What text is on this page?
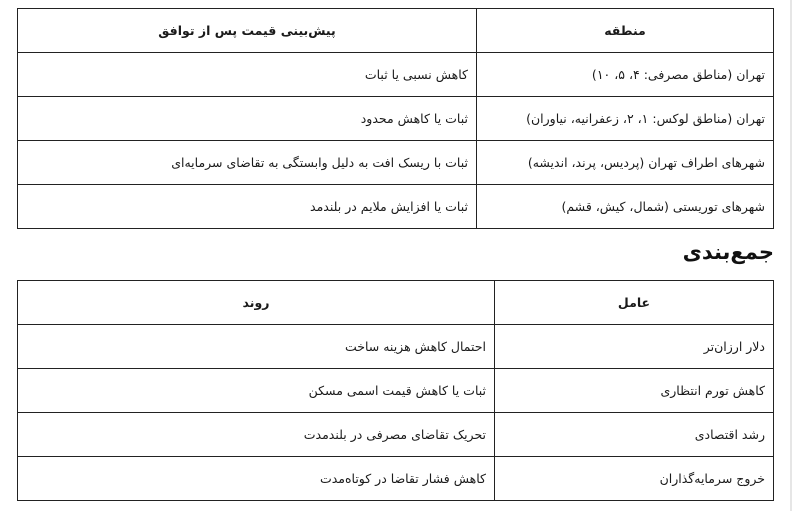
منطقه	پیش‌بینی قیمت پس از توافق
تهران (مناطق مصرفی: ۴، ۵، ۱۰)	کاهش نسبی یا ثبات
تهران (مناطق لوکس: ۱، ۲، زعفرانیه، نیاوران)	ثبات یا کاهش محدود
شهرهای اطراف تهران (پردیس، پرند، اندیشه)	ثبات با ریسک افت به دلیل وابستگی به تقاضای سرمایه‌ای
شهرهای توریستی (شمال، کیش، قشم)	ثبات یا افزایش ملایم در بلندمد
جمع‌بندی
عامل	روند
دلار ارزان‌تر	احتمال کاهش هزینه ساخت
کاهش تورم انتظاری	ثبات یا کاهش قیمت اسمی مسکن
رشد اقتصادی	تحریک تقاضای مصرفی در بلندمدت
خروج سرمایه‌گذاران	کاهش فشار تقاضا در کوتاه‌مدت
